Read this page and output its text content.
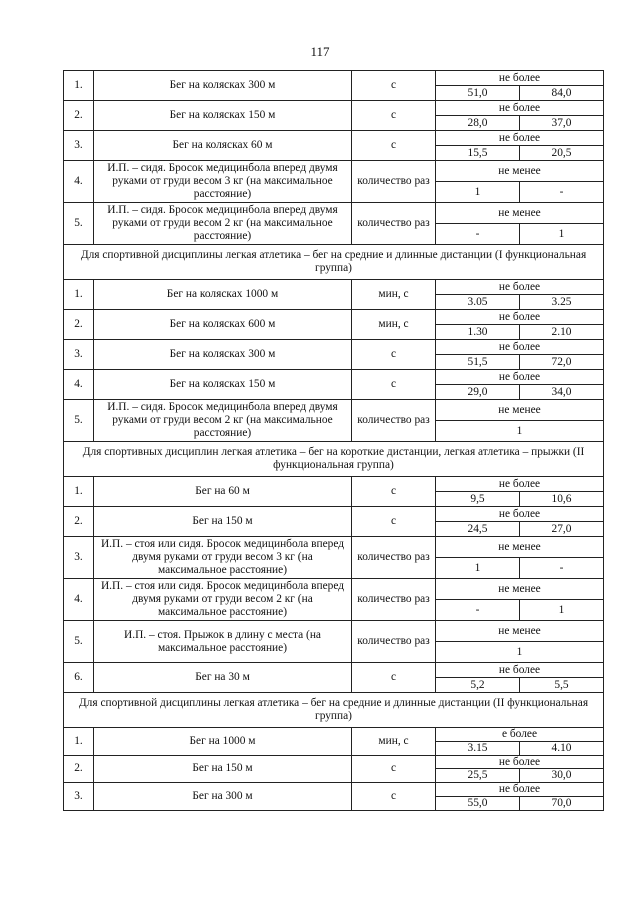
117
1.	Бег на колясках 300 м	с	
не более
51,0	84,0

2.	Бег на колясках 150 м	с	
не более
28,0	37,0

3.	Бег на колясках 60 м	с	
не более
15,5	20,5

4.	И.П. – сидя. Бросок медицинбола вперед двумя руками от груди весом 3 кг (на максимальное расстояние)	количество раз	
не менее
1	-

5.	И.П. – сидя. Бросок медицинбола вперед двумя руками от груди весом 2 кг (на максимальное расстояние)	количество раз	
не менее
-	1

Для спортивной дисциплины легкая атлетика – бег на средние и длинные дистанции (I функциональная группа)
1.	Бег на колясках 1000 м	мин, с	
не более
3.05	3.25

2.	Бег на колясках 600 м	мин, с	
не более
1.30	2.10

3.	Бег на колясках 300 м	с	
не более
51,5	72,0

4.	Бег на колясках 150 м	с	
не более
29,0	34,0

5.	И.П. – сидя. Бросок медицинбола вперед двумя руками от груди весом 2 кг (на максимальное расстояние)	количество раз	
не менее
1

Для спортивных дисциплин легкая атлетика – бег на короткие дистанции, легкая атлетика – прыжки (II функциональная группа)
1.	Бег на 60 м	с	
не более
9,5	10,6

2.	Бег на 150 м	с	
не более
24,5	27,0

3.	И.П. – стоя или сидя. Бросок медицинбола вперед двумя руками от груди весом 3 кг (на максимальное расстояние)	количество раз	
не менее
1	-

4.	И.П. – стоя или сидя. Бросок медицинбола вперед двумя руками от груди весом 2 кг (на максимальное расстояние)	количество раз	
не менее
-	1

5.	И.П. – стоя. Прыжок в длину с места (на максимальное расстояние)	количество раз	
не менее
1

6.	Бег на 30 м	с	
не более
5,2	5,5

Для спортивной дисциплины легкая атлетика – бег на средние и длинные дистанции (II функциональная группа)
1.	Бег на 1000 м	мин, с	
е более
3.15	4.10

2.	Бег на 150 м	с	
не более
25,5	30,0

3.	Бег на 300 м	с	
не более
55,0	70,0
